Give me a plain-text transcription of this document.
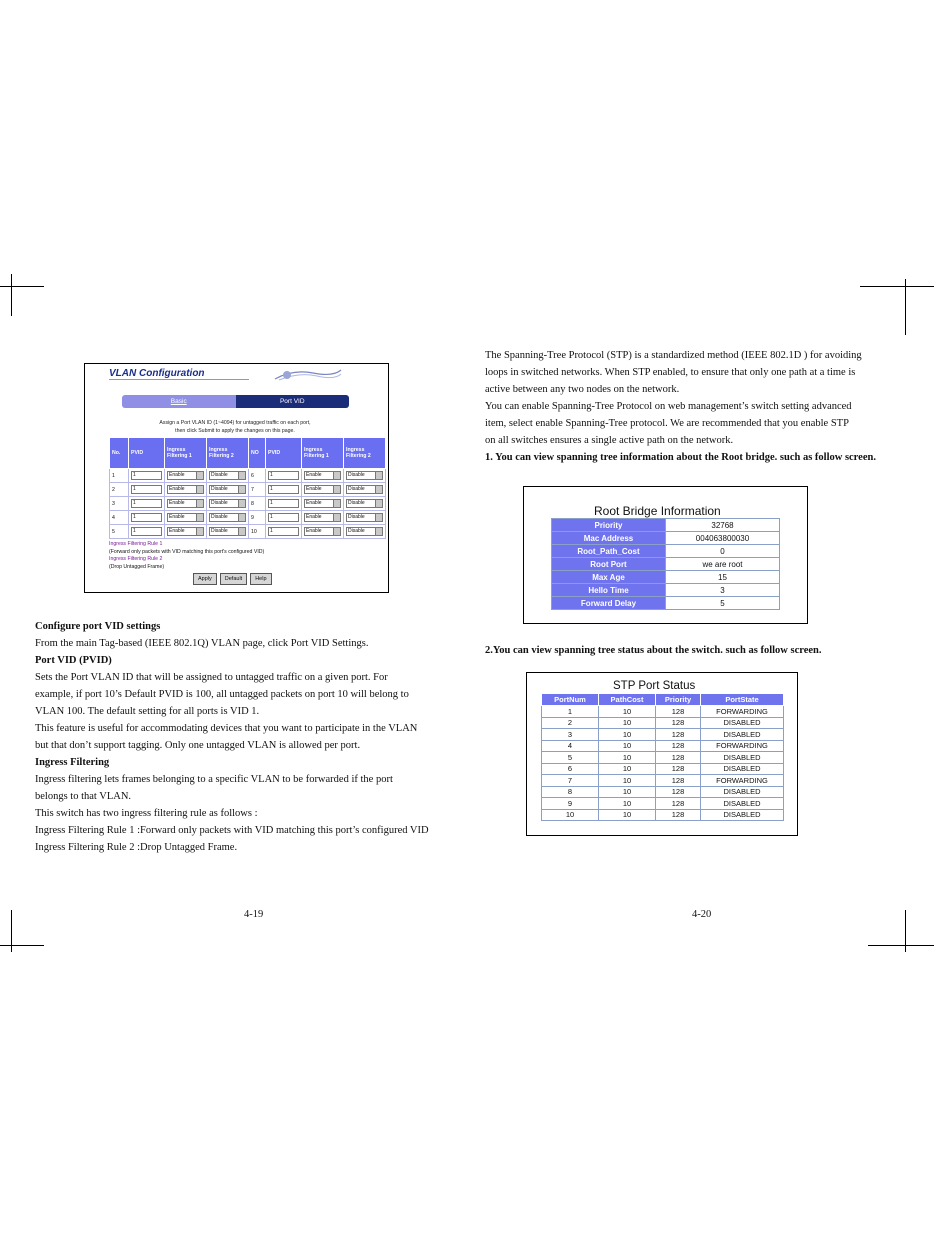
VLAN Configuration
Basic	Port VID
Assign a Port VLAN ID (1~4094) for untagged traffic on each port,
then click Submit to apply the changes on this page.
No.	PVID	Ingress Filtering 1	Ingress Filtering 2	NO	PVID	Ingress Filtering 1	Ingress Filtering 2
1	1	Enable	Disable	6	1	Enable	Disable
2	1	Enable	Disable	7	1	Enable	Disable
3	1	Enable	Disable	8	1	Enable	Disable
4	1	Enable	Disable	9	1	Enable	Disable
5	1	Enable	Disable	10	1	Enable	Disable
Ingress Filtering Rule 1
(Forward only packets with VID matching this port's configured VID)
Ingress Filtering Rule 2
(Drop Untagged Frame)
Apply	Default	Help

Configure port VID settings

From the main Tag-based (IEEE 802.1Q) VLAN page, click Port VID Settings.

Port VID (PVID)

Sets the Port VLAN ID that will be assigned to untagged traffic on a given port. For

example, if port 10’s Default PVID is 100, all untagged packets on port 10 will belong to

VLAN 100. The default setting for all ports is VID 1.

This feature is useful for accommodating devices that you want to participate in the VLAN

but that don’t support tagging. Only one untagged VLAN is allowed per port.

Ingress Filtering

Ingress filtering lets frames belonging to a specific VLAN to be forwarded if the port

belongs to that VLAN.

This switch has two ingress filtering rule as follows :

Ingress Filtering Rule 1 :Forward only packets with VID matching this port’s configured VID

Ingress Filtering Rule 2 :Drop Untagged Frame.

4-19

The Spanning-Tree Protocol (STP) is a standardized method (IEEE 802.1D ) for avoiding

loops in switched networks. When STP enabled, to ensure that only one path at a time is

active between any two nodes on the network.

You can enable Spanning-Tree Protocol on web management’s switch setting advanced

item, select enable Spanning-Tree protocol. We are recommended that you enable STP

on all switches ensures a single active path on the network.

1. You can view spanning tree information about the Root bridge. such as follow screen.

Root Bridge Information
Priority	32768
Mac Address	004063800030
Root_Path_Cost	0
Root Port	we are root
Max Age	15
Hello Time	3
Forward Delay	5
2.You can view spanning tree status about the switch. such as follow screen.
STP Port Status
PortNum	PathCost	Priority	PortState
1	10	128	FORWARDING
2	10	128	DISABLED
3	10	128	DISABLED
4	10	128	FORWARDING
5	10	128	DISABLED
6	10	128	DISABLED
7	10	128	FORWARDING
8	10	128	DISABLED
9	10	128	DISABLED
10	10	128	DISABLED
4-20
